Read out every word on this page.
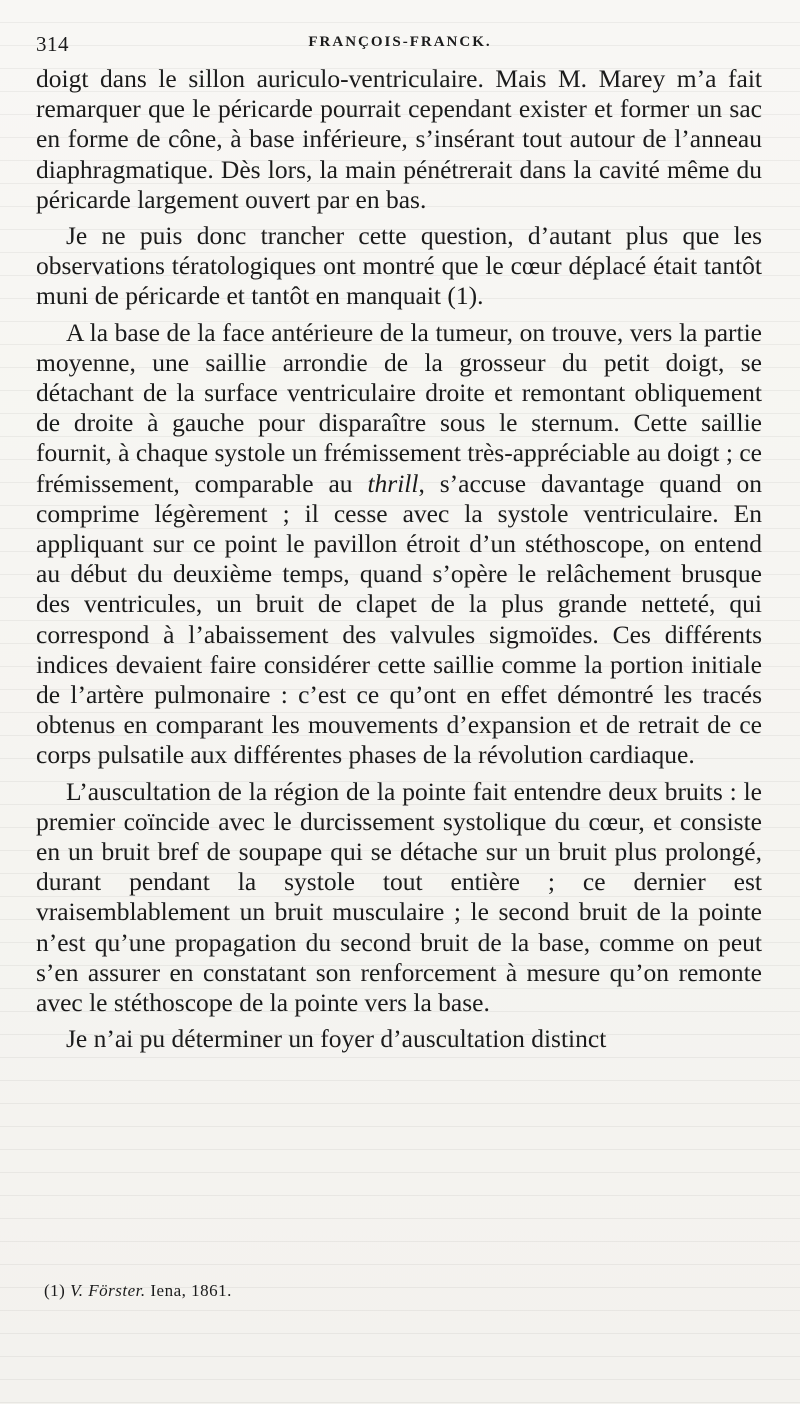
314	FRANÇOIS-FRANCK.

doigt dans le sillon auriculo-ventriculaire. Mais M. Marey m’a fait remarquer que le péricarde pourrait cependant exister et former un sac en forme de cône, à base inférieure, s’insérant tout autour de l’anneau diaphragmatique. Dès lors, la main pénétrerait dans la cavité même du péricarde largement ouvert par en bas.

Je ne puis donc trancher cette question, d’autant plus que les observations tératologiques ont montré que le cœur déplacé était tantôt muni de péricarde et tantôt en manquait (1).

A la base de la face antérieure de la tumeur, on trouve, vers la partie moyenne, une saillie arrondie de la grosseur du petit doigt, se détachant de la surface ventriculaire droite et remontant obliquement de droite à gauche pour disparaître sous le sternum. Cette saillie fournit, à chaque systole un frémissement très-appréciable au doigt ; ce frémissement, comparable au thrill, s’accuse davantage quand on comprime légèrement ; il cesse avec la systole ventriculaire. En appliquant sur ce point le pavillon étroit d’un stéthoscope, on entend au début du deuxième temps, quand s’opère le relâchement brusque des ventricules, un bruit de clapet de la plus grande netteté, qui correspond à l’abaissement des valvules sigmoïdes. Ces différents indices devaient faire considérer cette saillie comme la portion initiale de l’artère pulmonaire : c’est ce qu’ont en effet démontré les tracés obtenus en comparant les mouvements d’expansion et de retrait de ce corps pulsatile aux différentes phases de la révolution cardiaque.

L’auscultation de la région de la pointe fait entendre deux bruits : le premier coïncide avec le durcissement systolique du cœur, et consiste en un bruit bref de soupape qui se détache sur un bruit plus prolongé, durant pendant la systole tout entière ; ce dernier est vraisemblablement un bruit musculaire ; le second bruit de la pointe n’est qu’une propagation du second bruit de la base, comme on peut s’en assurer en constatant son renforcement à mesure qu’on remonte avec le stéthoscope de la pointe vers la base.

Je n’ai pu déterminer un foyer d’auscultation distinct

(1) V. Förster. Iena, 1861.
